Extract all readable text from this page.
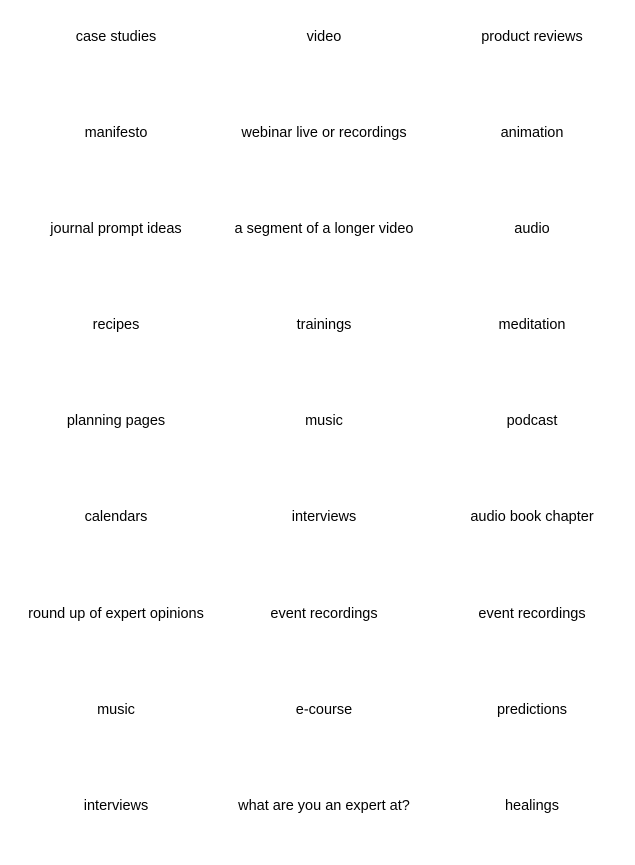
case studies	video	product reviews
manifesto	webinar live or recordings	animation
journal prompt ideas	a segment of a longer video	audio
recipes	trainings	meditation
planning pages	music	podcast
calendars	interviews	audio book chapter
round up of expert opinions	event recordings	event recordings
music	e-course	predictions
interviews	what are you an expert at?	healings
